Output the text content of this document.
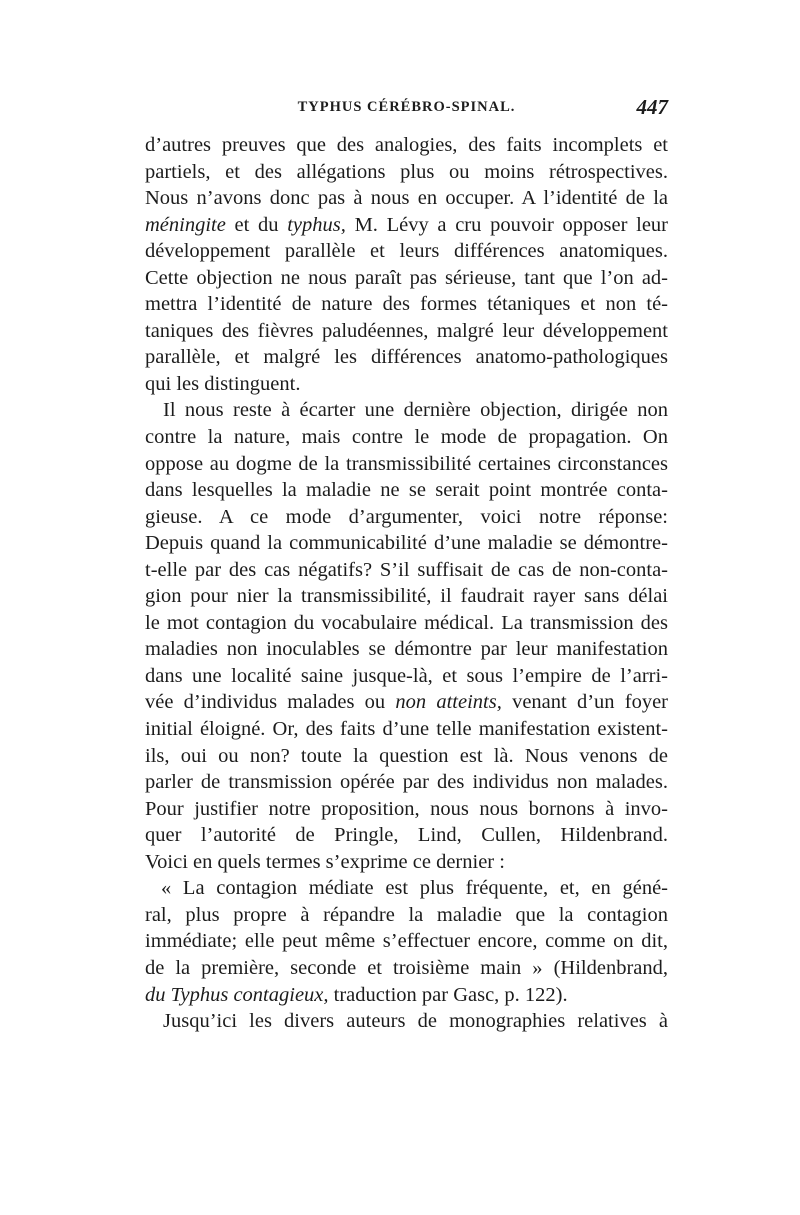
TYPHUS CÉRÉBRO-SPINAL.	447
d’autres preuves que des analogies, des faits incomplets et
partiels, et des allégations plus ou moins rétrospectives.
Nous n’avons donc pas à nous en occuper. A l’identité de la
méningite et du typhus, M. Lévy a cru pouvoir opposer leur
développement parallèle et leurs différences anatomiques.
Cette objection ne nous paraît pas sérieuse, tant que l’on ad-
mettra l’identité de nature des formes tétaniques et non té-
taniques des fièvres paludéennes, malgré leur développement
parallèle, et malgré les différences anatomo-pathologiques
qui les distinguent.
Il nous reste à écarter une dernière objection, dirigée non
contre la nature, mais contre le mode de propagation. On
oppose au dogme de la transmissibilité certaines circonstances
dans lesquelles la maladie ne se serait point montrée conta-
gieuse. A ce mode d’argumenter, voici notre réponse:
Depuis quand la communicabilité d’une maladie se démontre-
t-elle par des cas négatifs? S’il suffisait de cas de non-conta-
gion pour nier la transmissibilité, il faudrait rayer sans délai
le mot contagion du vocabulaire médical. La transmission des
maladies non inoculables se démontre par leur manifestation
dans une localité saine jusque-là, et sous l’empire de l’arri-
vée d’individus malades ou non atteints, venant d’un foyer
initial éloigné. Or, des faits d’une telle manifestation existent-
ils, oui ou non? toute la question est là. Nous venons de
parler de transmission opérée par des individus non malades.
Pour justifier notre proposition, nous nous bornons à invo-
quer l’autorité de Pringle, Lind, Cullen, Hildenbrand.
Voici en quels termes s’exprime ce dernier :
« La contagion médiate est plus fréquente, et, en géné-
ral, plus propre à répandre la maladie que la contagion
immédiate; elle peut même s’effectuer encore, comme on dit,
de la première, seconde et troisième main » (Hildenbrand,
du Typhus contagieux, traduction par Gasc, p. 122).
Jusqu’ici les divers auteurs de monographies relatives à
